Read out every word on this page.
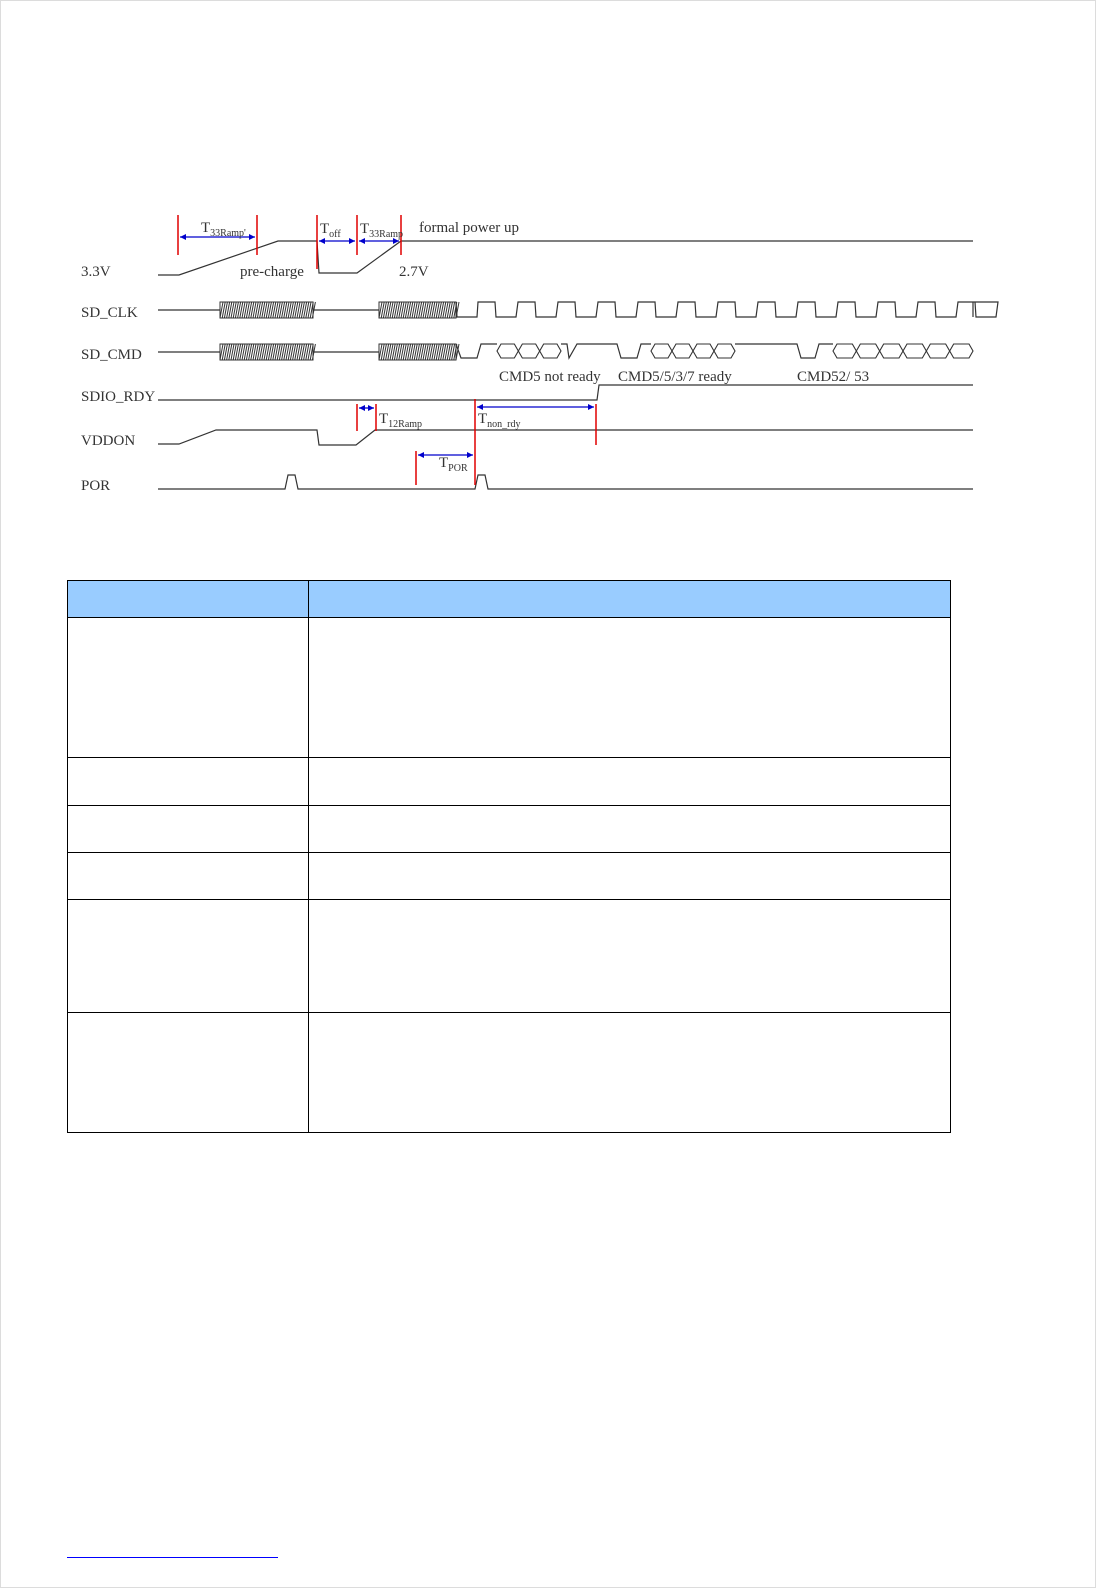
3.3V
SD_CLK
SD_CMD
SDIO_RDY
VDDON
POR
$T_{33Ramp'}$	$T_{off}$ $T_{33Ramp}$
$T_{12Ramp}$	$T_{non\_rdy}$
$T_{POR}$
pre-charge
formal power up
2.7V
CMD5 not ready CMD5/5/3/7 ready	CMD52/ 53
